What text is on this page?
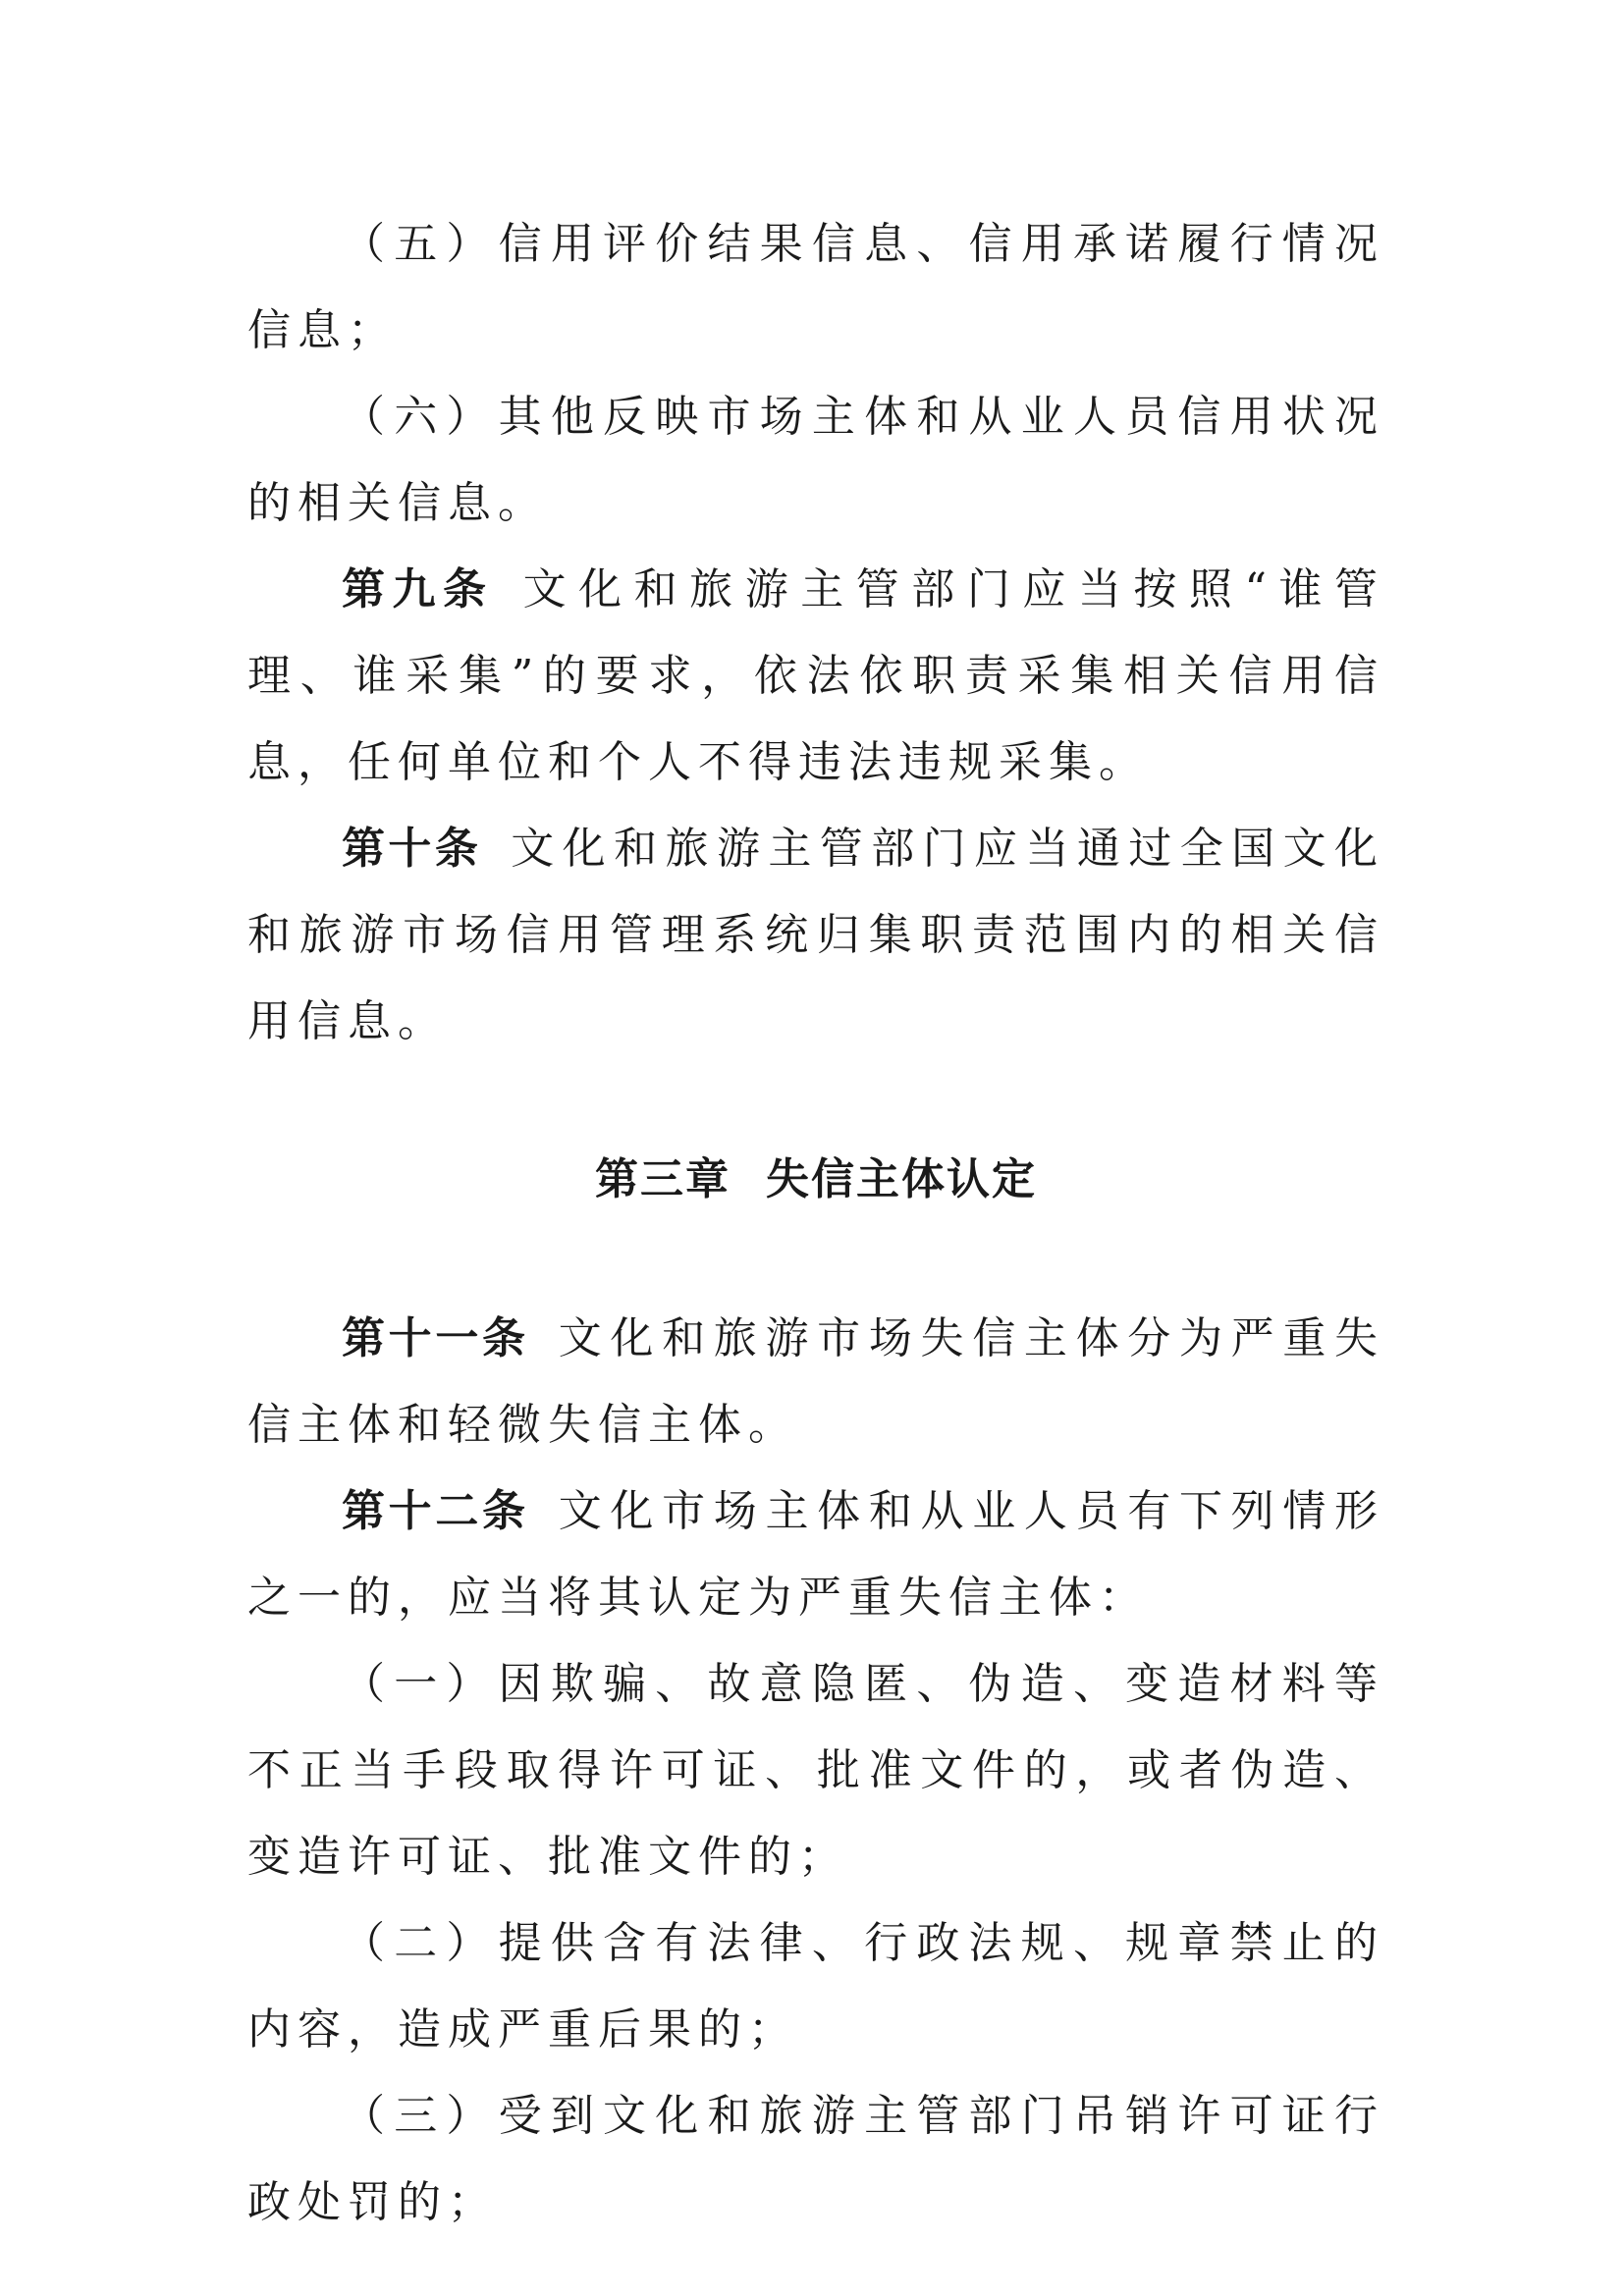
（五）信用评价结果信息、信用承诺履行情况信息；

（六）其他反映市场主体和从业人员信用状况的相关信息。

第九条 文化和旅游主管部门应当按照“谁管理、谁采集”的要求，依法依职责采集相关信用信息，任何单位和个人不得违法违规采集。

第十条 文化和旅游主管部门应当通过全国文化和旅游市场信用管理系统归集职责范围内的相关信用信息。

第三章 失信主体认定

第十一条 文化和旅游市场失信主体分为严重失信主体和轻微失信主体。

第十二条 文化市场主体和从业人员有下列情形之一的，应当将其认定为严重失信主体：

（一）因欺骗、故意隐匿、伪造、变造材料等不正当手段取得许可证、批准文件的，或者伪造、变造许可证、批准文件的；

（二）提供含有法律、行政法规、规章禁止的内容，造成严重后果的；

（三）受到文化和旅游主管部门吊销许可证行政处罚的；
